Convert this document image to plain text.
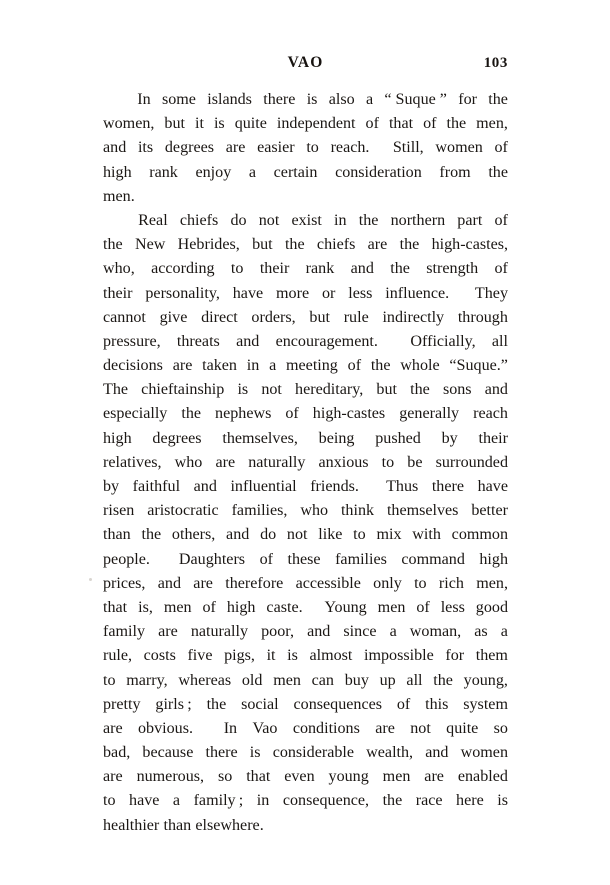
VAO	103
In some islands there is also a “ Suque ” for the
women, but it is quite independent of that of the men,
and its degrees are easier to reach. Still, women of
high rank enjoy a certain consideration from the
men.
Real chiefs do not exist in the northern part of
the New Hebrides, but the chiefs are the high-castes,
who, according to their rank and the strength of
their personality, have more or less influence. They
cannot give direct orders, but rule indirectly through
pressure, threats and encouragement. Officially, all
decisions are taken in a meeting of the whole “Suque.”
The chieftainship is not hereditary, but the sons and
especially the nephews of high-castes generally reach
high degrees themselves, being pushed by their
relatives, who are naturally anxious to be surrounded
by faithful and influential friends. Thus there have
risen aristocratic families, who think themselves better
than the others, and do not like to mix with common
people. Daughters of these families command high
prices, and are therefore accessible only to rich men,
that is, men of high caste. Young men of less good
family are naturally poor, and since a woman, as a
rule, costs five pigs, it is almost impossible for them
to marry, whereas old men can buy up all the young,
pretty girls ; the social consequences of this system
are obvious. In Vao conditions are not quite so
bad, because there is considerable wealth, and women
are numerous, so that even young men are enabled
to have a family ; in consequence, the race here is
healthier than elsewhere.
